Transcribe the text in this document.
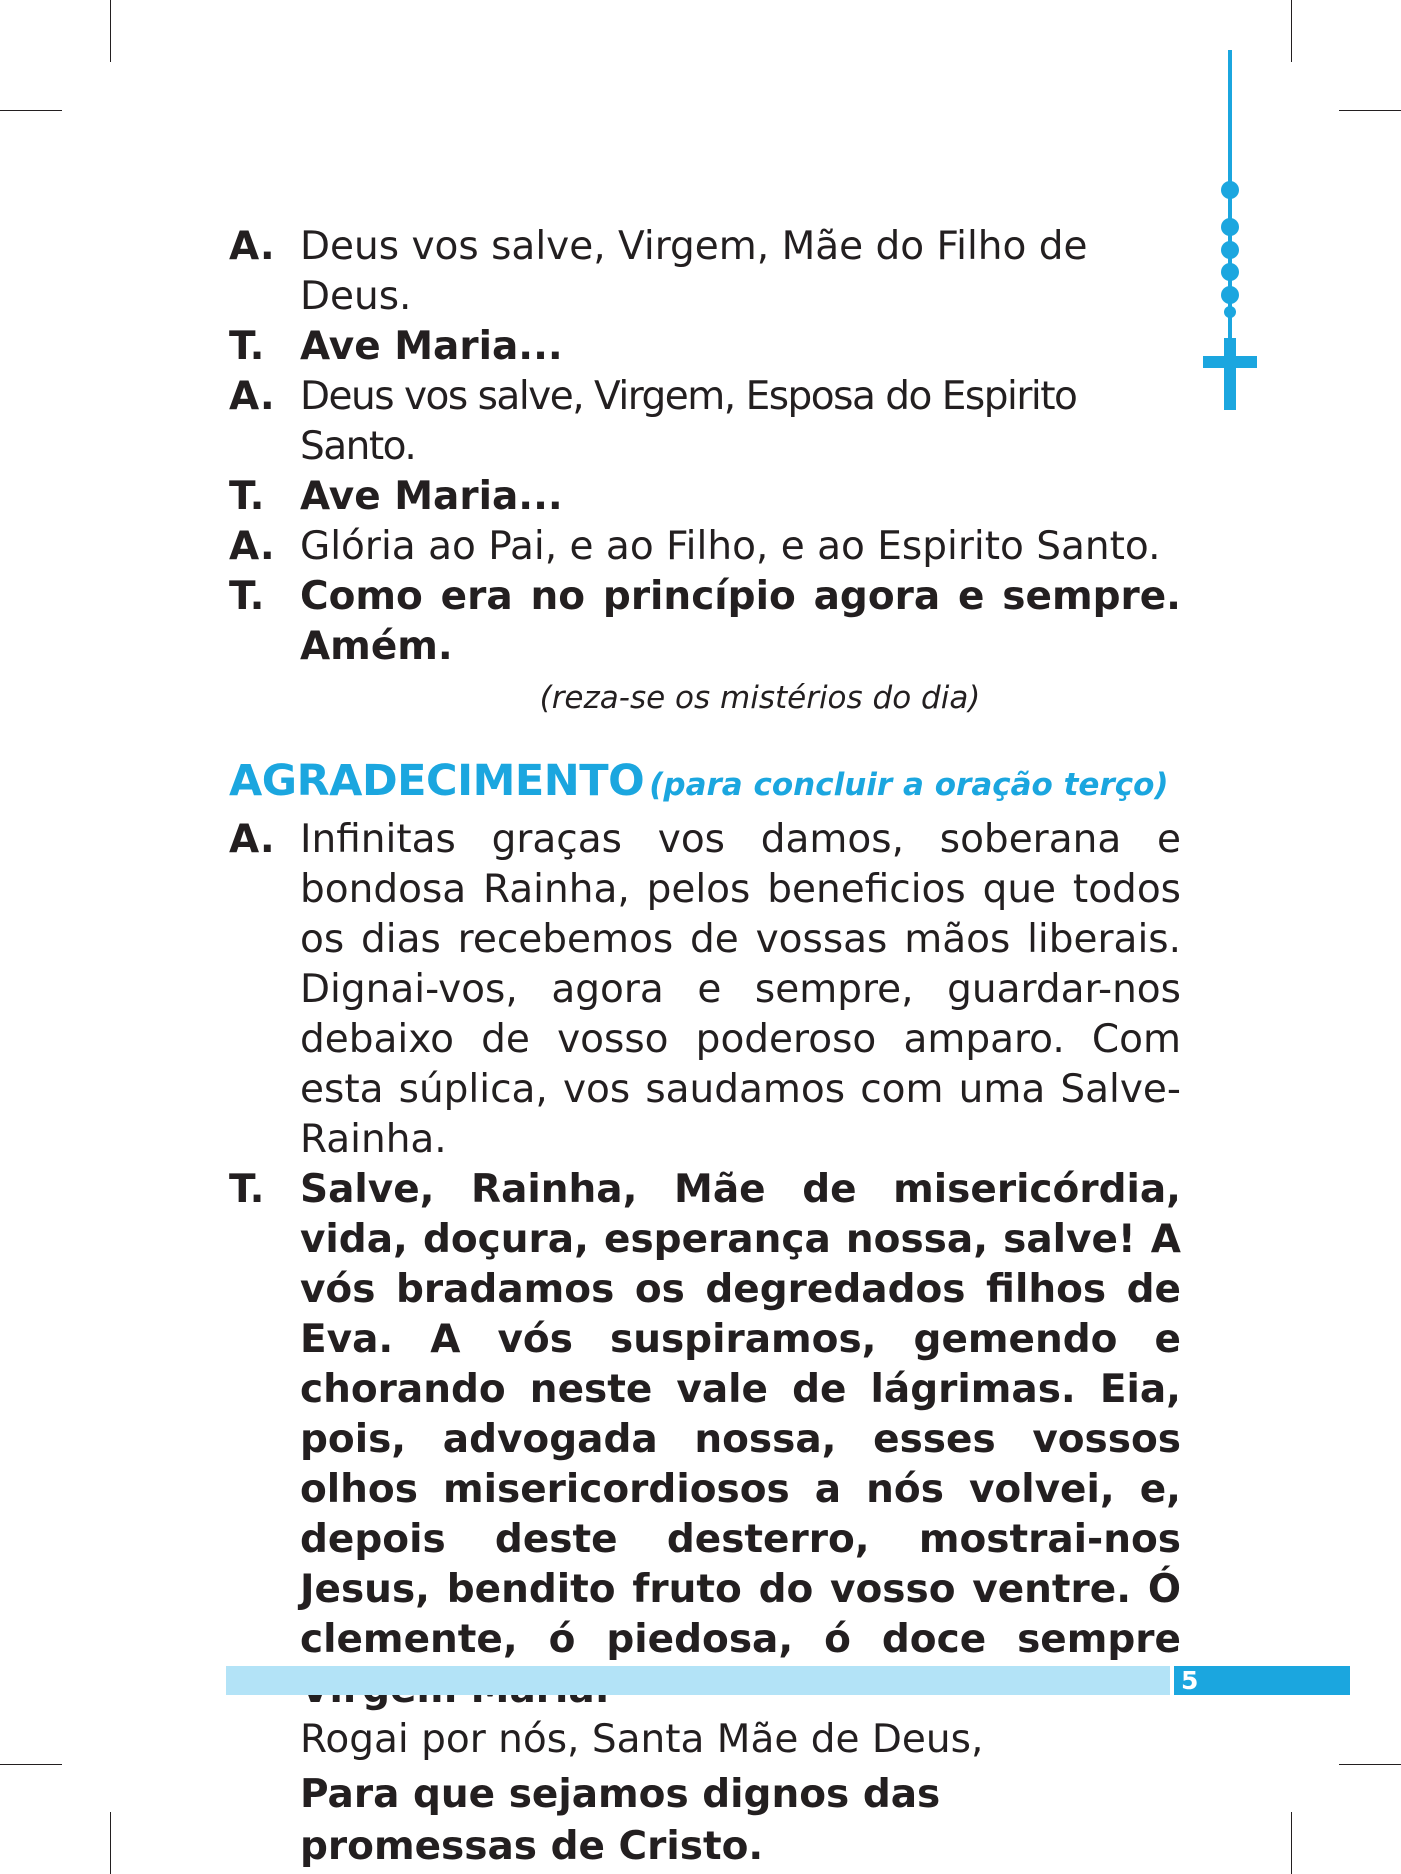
A. Deus vos salve, Virgem, Mãe do Filho de Deus.
T. Ave Maria...
A. Deus vos salve, Virgem, Esposa do Espirito Santo.
T. Ave Maria...
A. Glória ao Pai, e ao Filho, e ao Espirito Santo.
T. Como era no princípio agora e sempre. Amém.
(reza-se os mistérios do dia)
AGRADECIMENTO (para concluir a oração terço)
A. Infinitas graças vos damos, soberana e bondosa Rainha, pelos beneficios que todos os dias recebemos de vossas mãos liberais. Dignai-vos, agora e sempre, guardar-nos debaixo de vosso poderoso amparo. Com esta súplica, vos saudamos com uma Salve-Rainha.
T. Salve, Rainha, Mãe de misericórdia, vida, doçura, esperança nossa, salve! A vós bradamos os degredados filhos de Eva. A vós suspiramos, gemendo e chorando neste vale de lágrimas. Eia, pois, advogada nossa, esses vossos olhos misericordiosos a nós volvei, e, depois deste desterro, mostrai-nos Jesus, bendito fruto do vosso ventre. Ó clemente, ó piedosa, ó doce sempre
Rogai por nós, Santa Mãe de Deus,
Para que sejamos dignos das promessas de Cristo.
5
